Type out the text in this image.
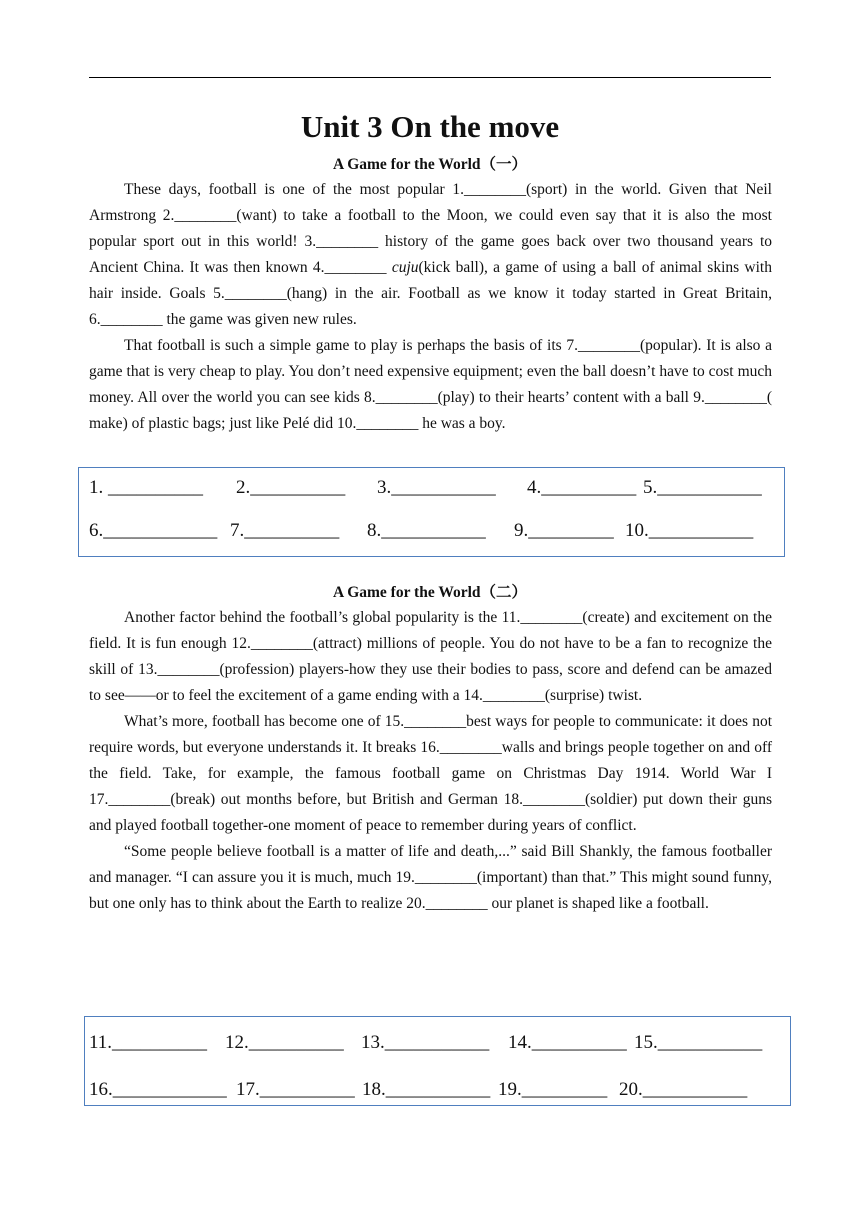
Unit 3 On the move
A Game for the World（一）

These days, football is one of the most popular 1.________(sport) in the world. Given that Neil Armstrong 2.________(want) to take a football to the Moon, we could even say that it is also the most popular sport out in this world! 3.________ history of the game goes back over two thousand years to Ancient China. It was then known 4.________ cuju(kick ball), a game of using a ball of animal skins with hair inside. Goals 5.________(hang) in the air. Football as we know it today started in Great Britain, 6.________ the game was given new rules.

That football is such a simple game to play is perhaps the basis of its 7.________(popular). It is also a game that is very cheap to play. You don’t need expensive equipment; even the ball doesn’t have to cost much money. All over the world you can see kids 8.________(play) to their hearts’ content with a ball 9.________( make) of plastic bags; just like Pelé did 10.________ he was a boy.

1. __________ 2.__________ 3.___________ 4.__________ 5.___________
6.____________ 7.__________ 8.___________ 9._________ 10.___________
A Game for the World（二）

Another factor behind the football’s global popularity is the 11.________(create) and excitement on the field. It is fun enough 12.________(attract) millions of people. You do not have to be a fan to recognize the skill of 13.________(profession) players-how they use their bodies to pass, score and defend can be amazed to see——or to feel the excitement of a game ending with a 14.________(surprise) twist.

What’s more, football has become one of 15.________best ways for people to communicate: it does not require words, but everyone understands it. It breaks 16.________walls and brings people together on and off the field. Take, for example, the famous football game on Christmas Day 1914. World War I 17.________(break) out months before, but British and German 18.________(soldier) put down their guns and played football together-one moment of peace to remember during years of conflict.

“Some people believe football is a matter of life and death,...” said Bill Shankly, the famous footballer and manager. “I can assure you it is much, much 19.________(important) than that.” This might sound funny, but one only has to think about the Earth to realize 20.________ our planet is shaped like a football.

11.__________ 12.__________ 13.___________ 14.__________ 15.___________
16.____________ 17.__________ 18.___________ 19._________ 20.___________
